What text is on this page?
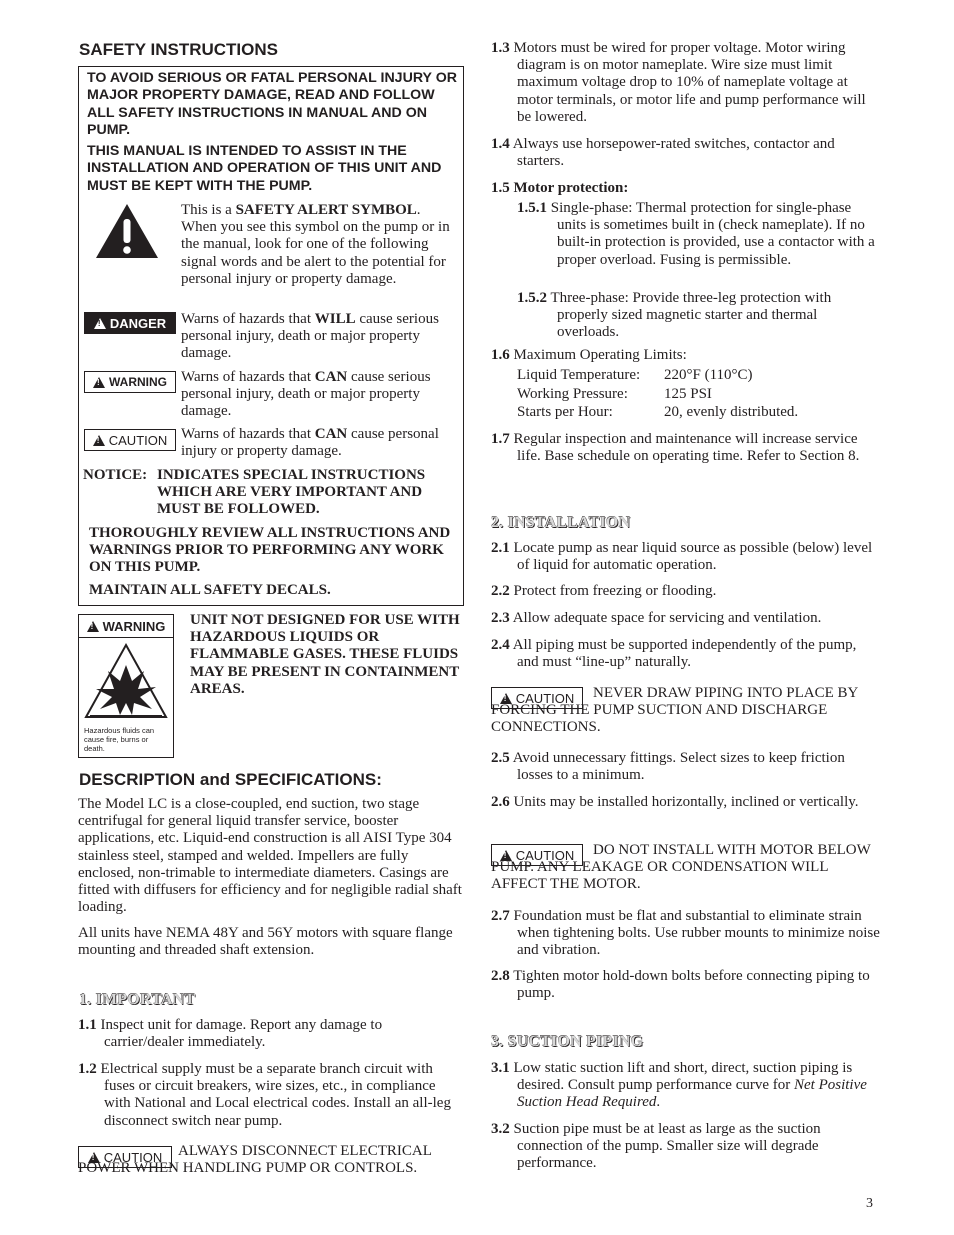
SAFETY INSTRUCTIONS
TO AVOID SERIOUS OR FATAL PERSONAL INJURY OR MAJOR PROPERTY DAMAGE, READ AND FOLLOW ALL SAFETY INSTRUCTIONS IN MANUAL AND ON PUMP.
THIS MANUAL IS INTENDED TO ASSIST IN THE INSTALLATION AND OPERATION OF THIS UNIT AND MUST BE KEPT WITH THE PUMP.
This is a SAFETY ALERT SYMBOL. When you see this symbol on the pump or in the manual, look for one of the following signal words and be alert to the potential for personal injury or property damage.
!
DANGER Warns of hazards that WILL cause serious personal injury, death or major property damage.
!
WARNING Warns of hazards that CAN cause serious personal injury, death or major property damage.
!
CAUTION Warns of hazards that CAN cause personal injury or property damage.
NOTICE: INDICATES SPECIAL INSTRUCTIONS WHICH ARE VERY IMPORTANT AND MUST BE FOLLOWED.
THOROUGHLY REVIEW ALL INSTRUCTIONS AND WARNINGS PRIOR TO PERFORMING ANY WORK ON THIS PUMP.
MAINTAIN ALL SAFETY DECALS.
!
WARNING
Hazardous fluids can cause fire, burns or death.
UNIT NOT DESIGNED FOR USE WITH HAZARDOUS LIQUIDS OR FLAMMABLE GASES. THESE FLUIDS MAY BE PRESENT IN CONTAINMENT AREAS.
DESCRIPTION and SPECIFICATIONS:
The Model LC is a close-coupled, end suction, two stage centrifugal for general liquid transfer service, booster applications, etc. Liquid-end construction is all AISI Type 304 stainless steel, stamped and welded. Impellers are fully enclosed, non-trimable to intermediate diameters. Casings are fitted with diffusers for efficiency and for negligible radial shaft loading.
All units have NEMA 48Y and 56Y motors with square flange mounting and threaded shaft extension.
1. IMPORTANT
1.1 Inspect unit for damage. Report any damage to carrier/dealer immediately.
1.2 Electrical supply must be a separate branch circuit with fuses or circuit breakers, wire sizes, etc., in compliance with National and Local electrical codes. Install an all-leg disconnect switch near pump.
!
CAUTION	ALWAYS DISCONNECT ELECTRICAL POWER WHEN HANDLING PUMP OR CONTROLS.
1.3 Motors must be wired for proper voltage. Motor wiring diagram is on motor nameplate. Wire size must limit maximum voltage drop to 10% of nameplate voltage at motor terminals, or motor life and pump performance will be lowered.
1.4 Always use horsepower-rated switches, contactor and starters.
1.5 Motor protection:
1.5.1 Single-phase: Thermal protection for single-phase units is sometimes built in (check nameplate). If no built-in protection is provided, use a contactor with a proper overload. Fusing is permissible.
1.5.2 Three-phase: Provide three-leg protection with properly sized magnetic starter and thermal overloads.
1.6 Maximum Operating Limits:
Liquid Temperature:	220°F (110°C)
Working Pressure:	125 PSI
Starts per Hour:	20, evenly distributed.
1.7 Regular inspection and maintenance will increase service life. Base schedule on operating time. Refer to Section 8.
2. INSTALLATION
2.1 Locate pump as near liquid source as possible (below) level of liquid for automatic operation.
2.2 Protect from freezing or flooding.
2.3 Allow adequate space for servicing and ventilation.
2.4 All piping must be supported independently of the pump, and must “line-up” naturally.
!
CAUTION	NEVER DRAW PIPING INTO PLACE BY FORCING THE PUMP SUCTION AND DISCHARGE CONNECTIONS.
2.5 Avoid unnecessary fittings. Select sizes to keep friction losses to a minimum.
2.6 Units may be installed horizontally, inclined or vertically.
!
CAUTION	DO NOT INSTALL WITH MOTOR BELOW PUMP. ANY LEAKAGE OR CONDENSATION WILL AFFECT THE MOTOR.
2.7 Foundation must be flat and substantial to eliminate strain when tightening bolts. Use rubber mounts to minimize noise and vibration.
2.8 Tighten motor hold-down bolts before connecting piping to pump.
3. SUCTION PIPING
3.1 Low static suction lift and short, direct, suction piping is desired. Consult pump performance curve for Net Positive Suction Head Required.
3.2 Suction pipe must be at least as large as the suction connection of the pump. Smaller size will degrade performance.
3
